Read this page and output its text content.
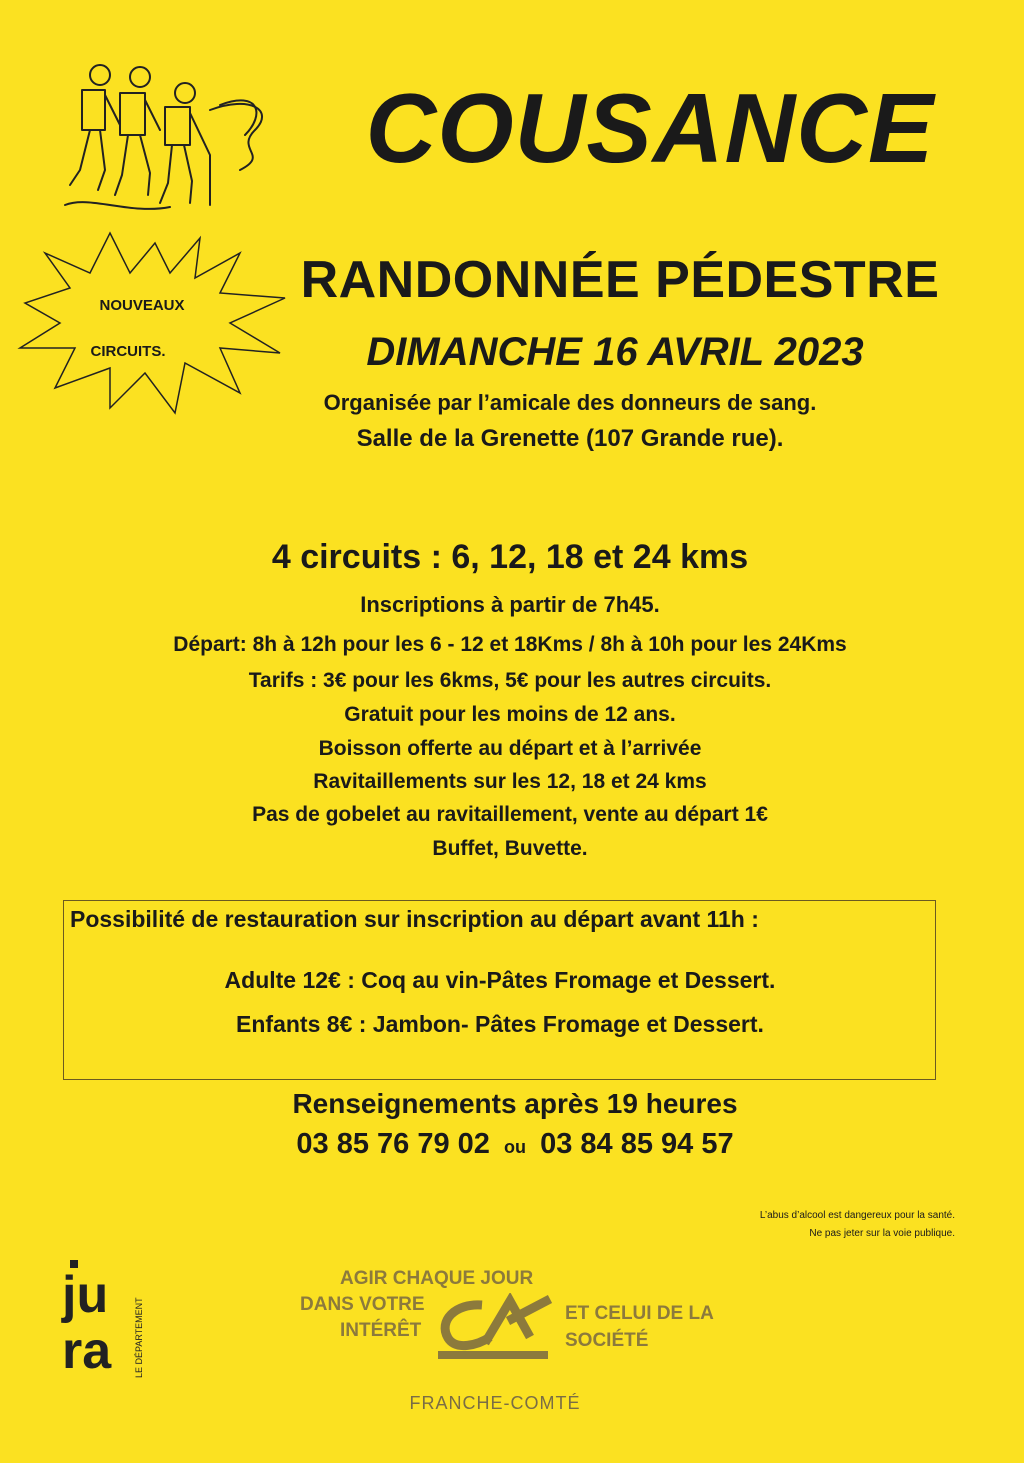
COUSANCE
NOUVEAUX
CIRCUITS.
RANDONNÉE PÉDESTRE
DIMANCHE 16 AVRIL 2023
Organisée par l’amicale des donneurs de sang.
Salle de la Grenette (107 Grande rue).
4 circuits : 6, 12, 18 et 24 kms
Inscriptions à partir de 7h45.
Départ: 8h à 12h pour les 6 - 12 et 18Kms / 8h à 10h pour les 24Kms
Tarifs : 3€ pour les 6kms, 5€ pour les autres circuits.
Gratuit pour les moins de 12 ans.
Boisson offerte au départ et à l’arrivée
Ravitaillements sur les 12, 18 et 24 kms
Pas de gobelet au ravitaillement, vente au départ 1€
Buffet, Buvette.
Possibilité de restauration sur inscription au départ avant 11h :
Adulte 12€ : Coq au vin-Pâtes Fromage et Dessert.
Enfants 8€ : Jambon- Pâtes Fromage et Dessert.
Renseignements après 19 heures
03 85 76 79 02 ou 03 84 85 94 57
L’abus d’alcool est dangereux pour la santé.
Ne pas jeter sur la voie publique.
ju
ra	LE DÉPARTEMENT
AGIR CHAQUE JOUR
DANS VOTRE
INTÉRÊT
ET CELUI DE LA
SOCIÉTÉ
FRANCHE-COMTÉ
